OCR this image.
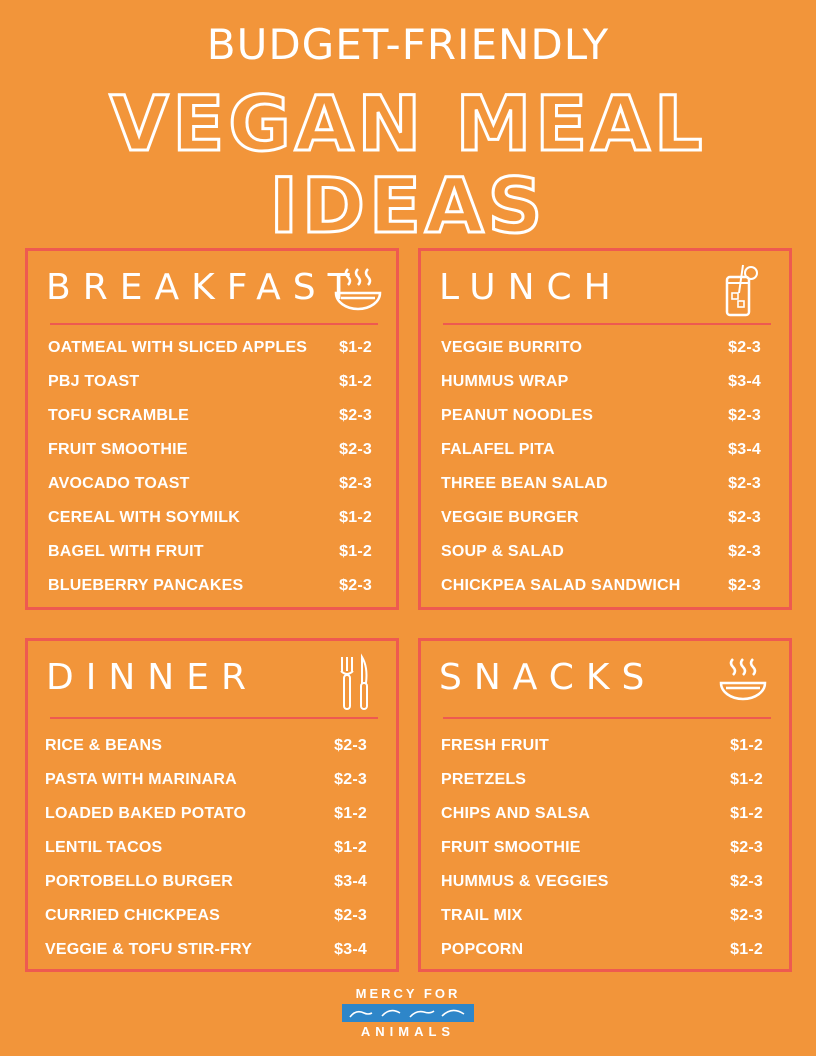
BUDGET-FRIENDLY
VEGAN MEAL
IDEAS
BREAKFAST
OATMEAL WITH SLICED APPLES $1-2
PBJ TOAST	$1-2
TOFU SCRAMBLE	$2-3
FRUIT SMOOTHIE	$2-3
AVOCADO TOAST	$2-3
CEREAL WITH SOYMILK	$1-2
BAGEL WITH FRUIT	$1-2
BLUEBERRY PANCAKES	$2-3
LUNCH
VEGGIE BURRITO	$2-3
HUMMUS WRAP	$3-4
PEANUT NOODLES	$2-3
FALAFEL PITA	$3-4
THREE BEAN SALAD	$2-3
VEGGIE BURGER	$2-3
SOUP & SALAD	$2-3
CHICKPEA SALAD SANDWICH	$2-3
DINNER
RICE & BEANS	$2-3
PASTA WITH MARINARA	$2-3
LOADED BAKED POTATO	$1-2
LENTIL TACOS	$1-2
PORTOBELLO BURGER	$3-4
CURRIED CHICKPEAS	$2-3
VEGGIE & TOFU STIR-FRY	$3-4
SNACKS
FRESH FRUIT	$1-2
PRETZELS	$1-2
CHIPS AND SALSA	$1-2
FRUIT SMOOTHIE	$2-3
HUMMUS & VEGGIES	$2-3
TRAIL MIX	$2-3
POPCORN	$1-2
MERCY FOR
ANIMALS
